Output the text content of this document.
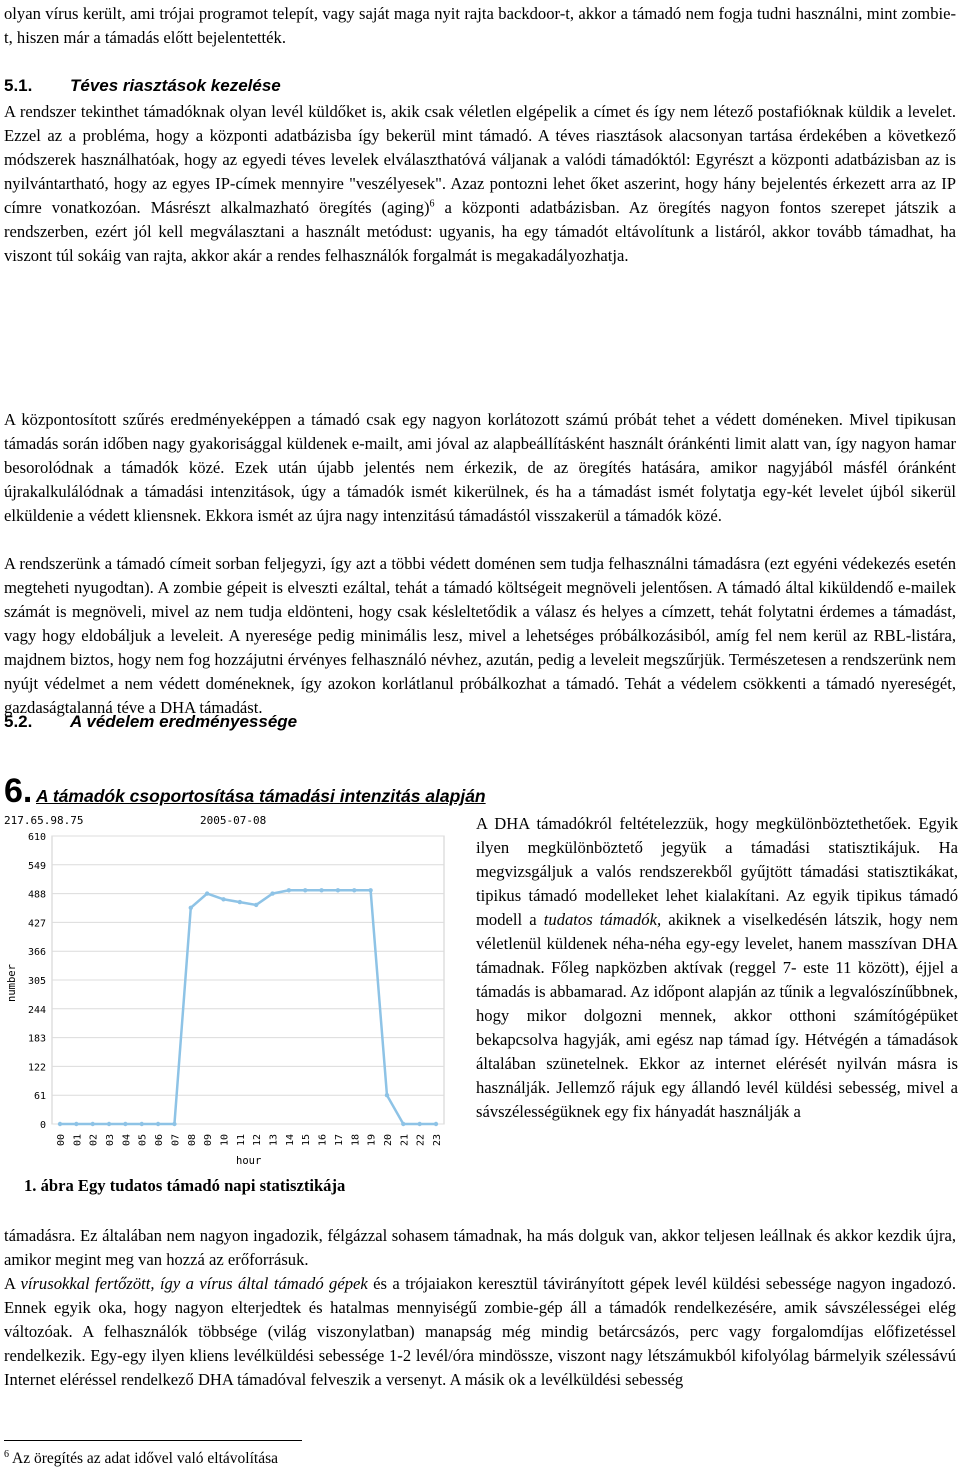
olyan vírus került, ami trójai programot telepít, vagy saját maga nyit rajta backdoor-t, akkor a támadó nem fogja tudni használni, mint zombie-t, hiszen már a támadás előtt bejelentették.
5.1. Téves riasztások kezelése
A rendszer tekinthet támadóknak olyan levél küldőket is, akik csak véletlen elgépelik a címet és így nem létező postafióknak küldik a levelet. Ezzel az a probléma, hogy a központi adatbázisba így bekerül mint támadó. A téves riasztások alacsonyan tartása érdekében a következő módszerek használhatóak, hogy az egyedi téves levelek elválaszthatóvá váljanak a valódi támadóktól: Egyrészt a központi adatbázisban az is nyilvántartható, hogy az egyes IP-címek mennyire "veszélyesek". Azaz pontozni lehet őket aszerint, hogy hány bejelentés érkezett arra az IP címre vonatkozóan. Másrészt alkalmazható öregítés (aging)$^6$ a központi adatbázisban. Az öregítés nagyon fontos szerepet játszik a rendszerben, ezért jól kell megválasztani a használt metódust: ugyanis, ha egy támadót eltávolítunk a listáról, akkor tovább támadhat, ha viszont túl sokáig van rajta, akkor akár a rendes felhasználók forgalmát is megakadályozhatja.
5.2. A védelem eredményessége
A központosított szűrés eredményeképpen a támadó csak egy nagyon korlátozott számú próbát tehet a védett doméneken. Mivel tipikusan támadás során időben nagy gyakorisággal küldenek e-mailt, ami jóval az alapbeállításként használt óránkénti limit alatt van, így nagyon hamar besorolódnak a támadók közé. Ezek után újabb jelentés nem érkezik, de az öregítés hatására, amikor nagyjából másfél óránként újrakalkulálódnak a támadási intenzitások, úgy a támadók ismét kikerülnek, és ha a támadást ismét folytatja egy-két levelet újból sikerül elküldenie a védett kliensnek. Ekkora ismét az újra nagy intenzitású támadástól visszakerül a támadók közé.
A rendszerünk a támadó címeit sorban feljegyzi, így azt a többi védett doménen sem tudja felhasználni támadásra (ezt egyéni védekezés esetén megteheti nyugodtan). A zombie gépeit is elveszti ezáltal, tehát a támadó költségeit megnöveli jelentősen. A támadó által kiküldendő e-mailek számát is megnöveli, mivel az nem tudja eldönteni, hogy csak késleltetődik a válasz és helyes a címzett, tehát folytatni érdemes a támadást, vagy hogy eldobáljuk a leveleit. A nyeresége pedig minimális lesz, mivel a lehetséges próbálkozásiból, amíg fel nem kerül az RBL-listára, majdnem biztos, hogy nem fog hozzájutni érvényes felhasználó névhez, azután, pedig a leveleit megszűrjük. Természetesen a rendszerünk nem nyújt védelmet a nem védett doméneknek, így azokon korlátlanul próbálkozhat a támadó. Tehát a védelem csökkenti a támadó nyereségét, gazdaságtalanná téve a DHA támadást.
6. A támadók csoportosítása támadási intenzitás alapján
0
61
122
183
244
305
366
427
488
549
610
00 01 02 03 04 05 06 07 08 09 10 11 12 13 14 15 16 17 18 19 20 21 22 23
217.65.98.75	2005-07-08
number
hour
1. ábra Egy tudatos támadó napi statisztikája
A DHA támadókról feltételezzük, hogy megkülönböztethetőek. Egyik ilyen megkülönböztető jegyük a támadási statisztikájuk. Ha megvizsgáljuk a valós rendszerekből gyűjtött támadási statisztikákat, tipikus támadó modelleket lehet kialakítani. Az egyik tipikus támadó modell a tudatos támadók, akiknek a viselkedésén látszik, hogy nem véletlenül küldenek néha-néha egy-egy levelet, hanem masszívan DHA támadnak. Főleg napközben aktívak (reggel 7- este 11 között), éjjel a támadás is abbamarad. Az időpont alapján az tűnik a legvalószínűbbnek, hogy mikor dolgozni mennek, akkor otthoni számítógépüket bekapcsolva hagyják, ami egész nap támad így. Hétvégén a támadások általában szünetelnek. Ekkor az internet elérését nyilván másra is használják. Jellemző rájuk egy állandó levél küldési sebesség, mivel a sávszélességüknek egy fix hányadát használják a
támadásra. Ez általában nem nagyon ingadozik, félgázzal sohasem támadnak, ha más dolguk van, akkor teljesen leállnak és akkor kezdik újra, amikor megint meg van hozzá az erőforrásuk.
A vírusokkal fertőzött, így a vírus által támadó gépek és a trójaiakon keresztül távirányított gépek levél küldési sebessége nagyon ingadozó. Ennek egyik oka, hogy nagyon elterjedtek és hatalmas mennyiségű zombie-gép áll a támadók rendelkezésére, amik sávszélességei elég változóak. A felhasználók többsége (világ viszonylatban) manapság még mindig betárcsázós, perc vagy forgalomdíjas előfizetéssel rendelkezik. Egy-egy ilyen kliens levélküldési sebessége 1-2 levél/óra mindössze, viszont nagy létszámukból kifolyólag bármelyik szélessávú Internet eléréssel rendelkező DHA támadóval felveszik a versenyt. A másik ok a levélküldési sebesség
$^6$ Az öregítés az adat idővel való eltávolítása
